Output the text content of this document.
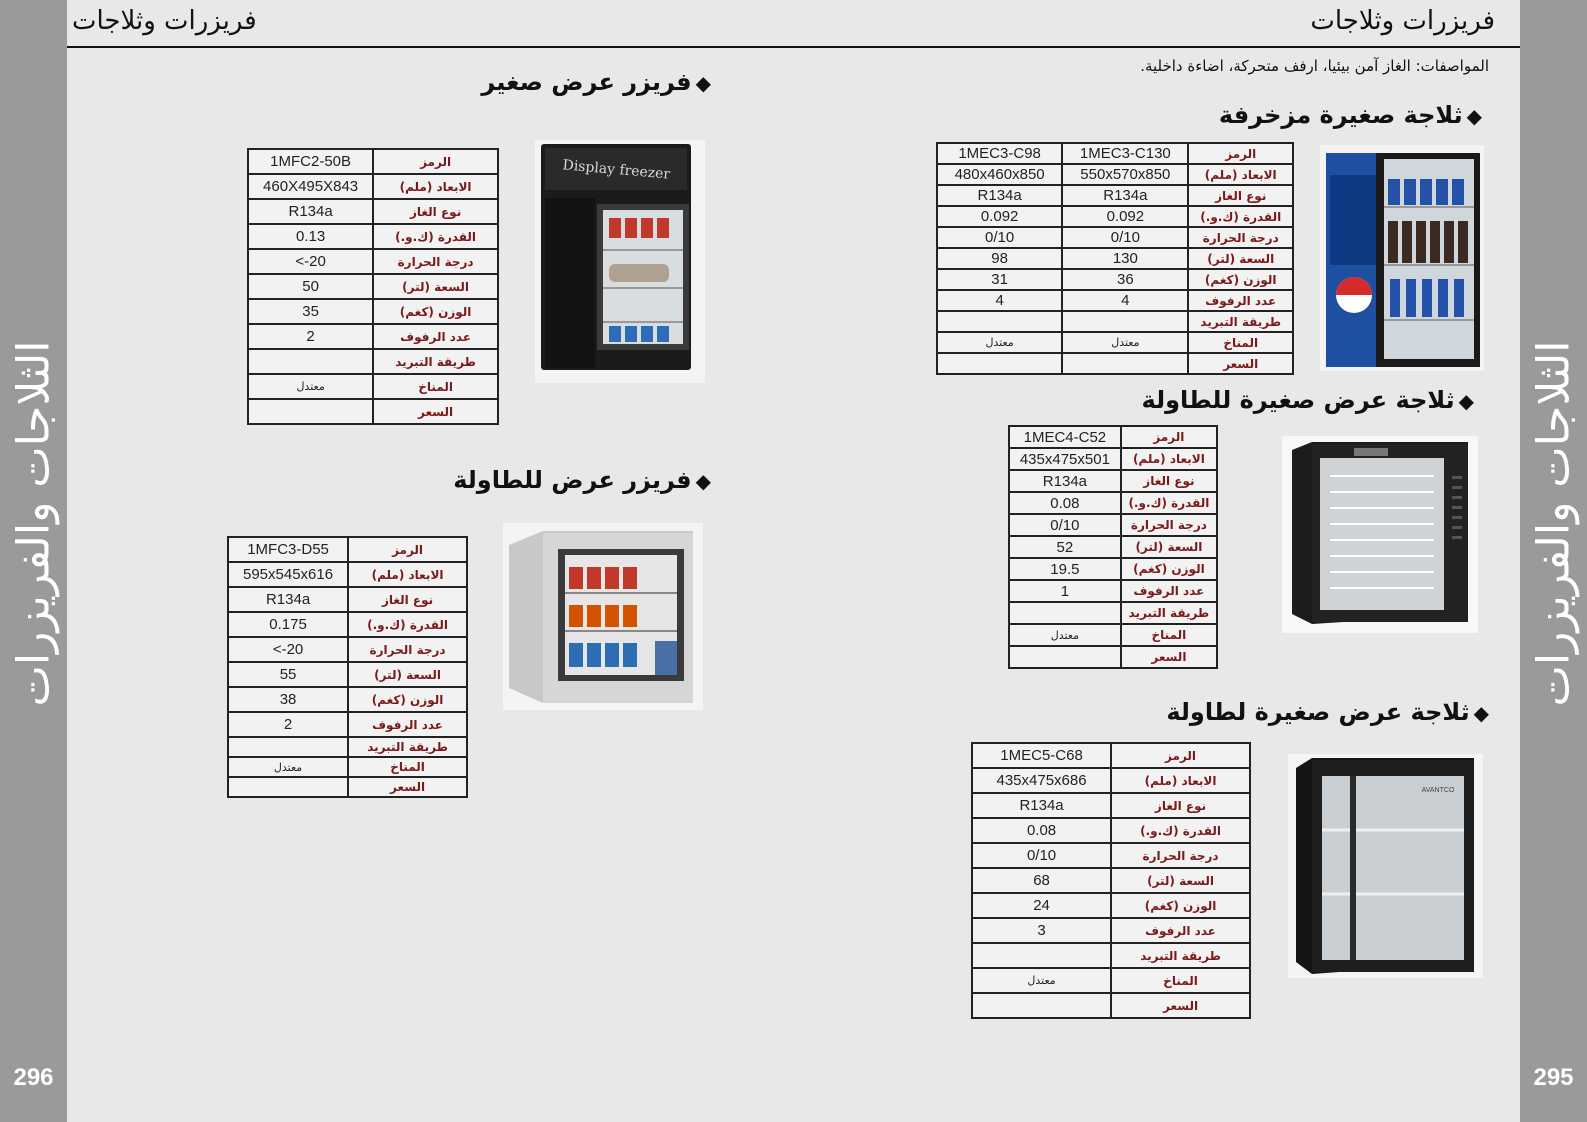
الثلاجات والفريزرات
296
الثلاجات والفريزرات
295
فريزرات وثلاجات	فريزرات وثلاجات
المواصفات: الغاز آمن بيئيا، ارفف متحركة، اضاءة داخلية.
◆فريزر عرض صغير
◆فريزر عرض للطاولة
◆ثلاجة صغيرة مزخرفة
◆ثلاجة عرض صغيرة للطاولة
◆ثلاجة عرض صغيرة لطاولة
1MFC2-50B	الرمز
460X495X843	الابعاد (ملم)
R134a	نوع الغاز
0.13	القدرة (ك.و.)
<-20	درجة الحرارة
50	السعة (لتر)
35	الوزن (كغم)
2	عدد الرفوف
	طريقة التبريد
معتدل	المناخ
	السعر
1MFC3-D55	الرمز
595x545x616	الابعاد (ملم)
R134a	نوع الغاز
0.175	القدرة (ك.و.)
<-20	درجة الحرارة
55	السعة (لتر)
38	الوزن (كغم)
2	عدد الرفوف
	طريقة التبريد
معتدل	المناخ
	السعر
1MEC3-C98	1MEC3-C130	الرمز
480x460x850	550x570x850	الابعاد (ملم)
R134a	R134a	نوع الغاز
0.092	0.092	القدرة (ك.و.)
0/10	0/10	درجة الحرارة
98	130	السعة (لتر)
31	36	الوزن (كغم)
4	4	عدد الرفوف
		طريقة التبريد
معتدل	معتدل	المناخ
		السعر
1MEC4-C52	الرمز
435x475x501	الابعاد (ملم)
R134a	نوع الغاز
0.08	القدرة (ك.و.)
0/10	درجة الحرارة
52	السعة (لتر)
19.5	الوزن (كغم)
1	عدد الرفوف
	طريقة التبريد
معتدل	المناخ
	السعر
1MEC5-C68	الرمز
435x475x686	الابعاد (ملم)
R134a	نوع الغاز
0.08	القدرة (ك.و.)
0/10	درجة الحرارة
68	السعة (لتر)
24	الوزن (كغم)
3	عدد الرفوف
	طريقة التبريد
معتدل	المناخ
	السعر
Display freezer
AVANTCO
